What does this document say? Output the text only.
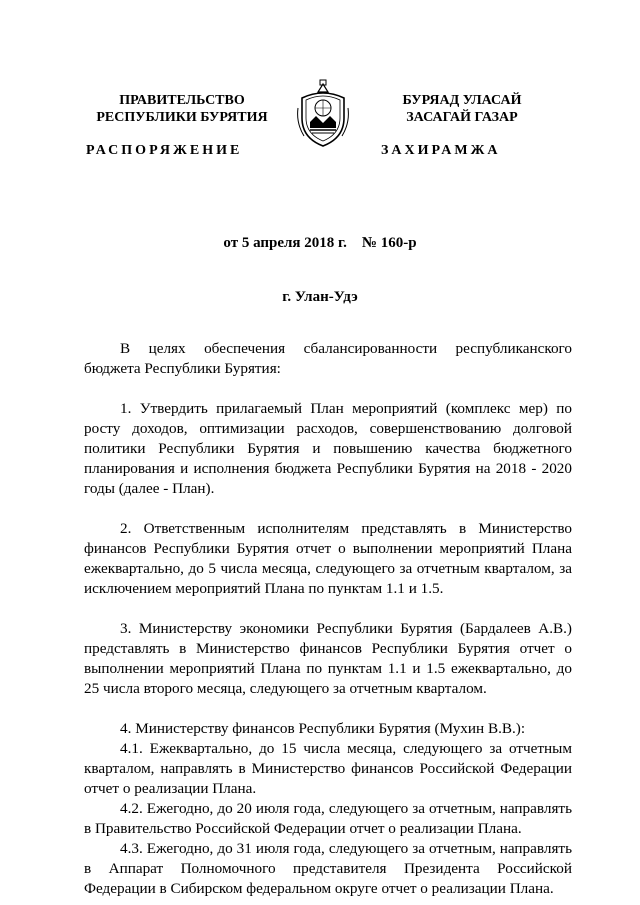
ПРАВИТЕЛЬСТВО
РЕСПУБЛИКИ БУРЯТИЯ
БУРЯАД УЛАСАЙ
ЗАСАГАЙ ГАЗАР
РАСПОРЯЖЕНИЕ	ЗАХИРАМЖА
от 5 апреля 2018 г.    № 160-р
г. Улан-Удэ

В целях обеспечения сбалансированности республиканского бюджета Республики Бурятия:

1. Утвердить прилагаемый План мероприятий (комплекс мер) по росту доходов, оптимизации расходов, совершенствованию долговой политики Республики Бурятия и повышению качества бюджетного планирования и исполнения бюджета Республики Бурятия на 2018 - 2020 годы (далее - План).

2. Ответственным исполнителям представлять в Министерство финансов Республики Бурятия отчет о выполнении мероприятий Плана ежеквартально, до 5 числа месяца, следующего за отчетным кварталом, за исключением мероприятий Плана по пунктам 1.1 и 1.5.

3. Министерству экономики Республики Бурятия (Бардалеев А.В.) представлять в Министерство финансов Республики Бурятия отчет о выполнении мероприятий Плана по пунктам 1.1 и 1.5 ежеквартально, до 25 числа второго месяца, следующего за отчетным кварталом.

4. Министерству финансов Республики Бурятия (Мухин В.В.):

4.1. Ежеквартально, до 15 числа месяца, следующего за отчетным кварталом, направлять в Министерство финансов Российской Федерации отчет о реализации Плана.

4.2. Ежегодно, до 20 июля года, следующего за отчетным, направлять в Правительство Российской Федерации отчет о реализации Плана.

4.3. Ежегодно, до 31 июля года, следующего за отчетным, направлять в Аппарат Полномочного представителя Президента Российской Федерации в Сибирском федеральном округе отчет о реализации Плана.
